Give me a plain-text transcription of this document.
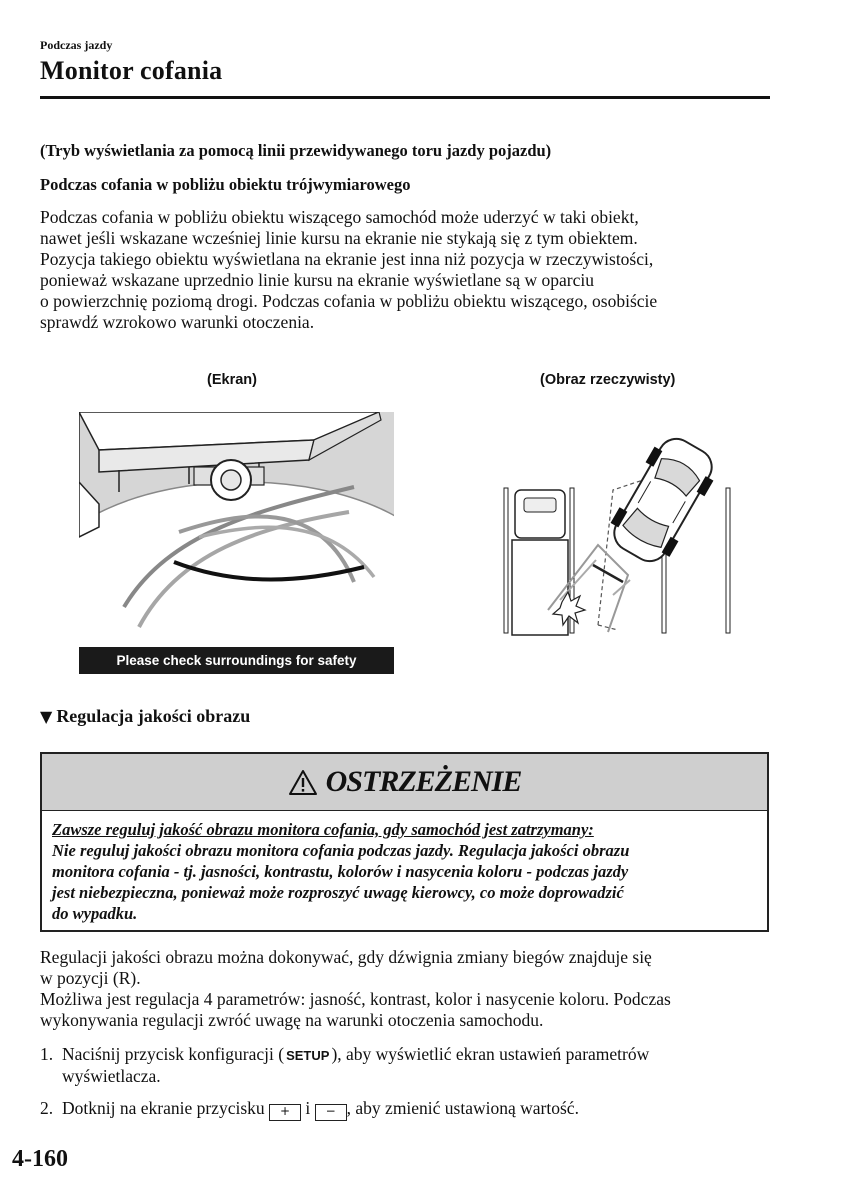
Podczas jazdy
Monitor cofania
(Tryb wyświetlania za pomocą linii przewidywanego toru jazdy pojazdu)
Podczas cofania w pobliżu obiektu trójwymiarowego
Podczas cofania w pobliżu obiektu wiszącego samochód może uderzyć w taki obiekt,
nawet jeśli wskazane wcześniej linie kursu na ekranie nie stykają się z tym obiektem.
Pozycja takiego obiektu wyświetlana na ekranie jest inna niż pozycja w rzeczywistości,
ponieważ wskazane uprzednio linie kursu na ekranie wyświetlane są w oparciu
o powierzchnię poziomą drogi. Podczas cofania w pobliżu obiektu wiszącego, osobiście
sprawdź wzrokowo warunki otoczenia.
(Ekran)	(Obraz rzeczywisty)
Please check surroundings for safety
▼ Regulacja jakości obrazu
OSTRZEŻENIE
Zawsze reguluj jakość obrazu monitora cofania, gdy samochód jest zatrzymany:
Nie reguluj jakości obrazu monitora cofania podczas jazdy. Regulacja jakości obrazu
monitora cofania - tj. jasności, kontrastu, kolorów i nasycenia koloru - podczas jazdy
jest niebezpieczna, ponieważ może rozproszyć uwagę kierowcy, co może doprowadzić
do wypadku.
Regulacji jakości obrazu można dokonywać, gdy dźwignia zmiany biegów znajduje się
w pozycji (R).
Możliwa jest regulacja 4 parametrów: jasność, kontrast, kolor i nasycenie koloru. Podczas
wykonywania regulacji zwróć uwagę na warunki otoczenia samochodu.
1. Naciśnij przycisk konfiguracji ( SETUP ), aby wyświetlić ekran ustawień parametrów
wyświetlacza.
2. Dotknij na ekranie przycisku + i − , aby zmienić ustawioną wartość.
4-160
